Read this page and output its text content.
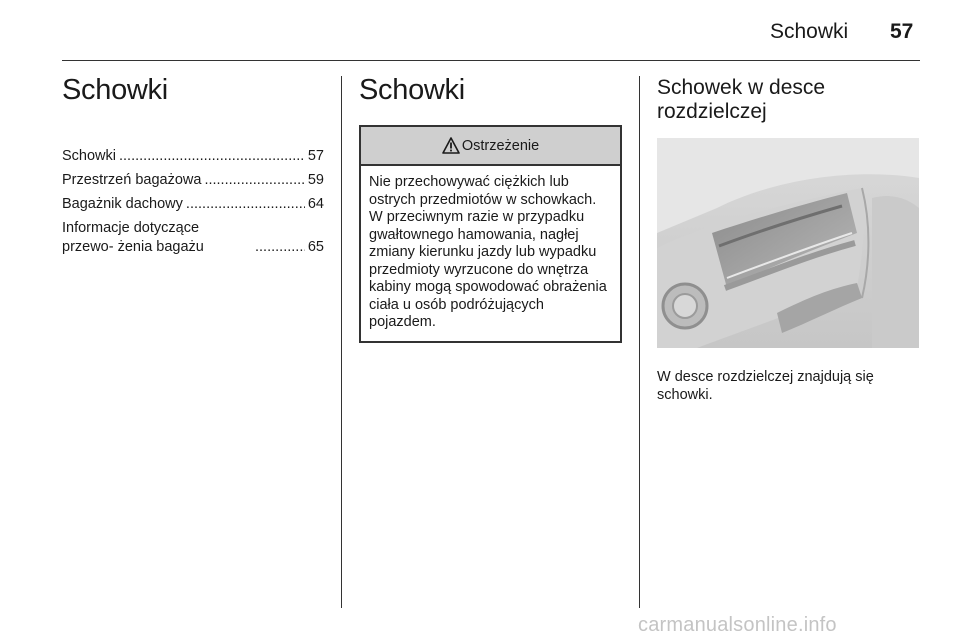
Schowki 57
Schowki
Schowki .....	57
Przestrzeń bagażowa .....	59
Bagażnik dachowy .....	64
Informacje dotyczące przewo‐ żenia bagażu .....	65
Schowki
Ostrzeżenie
Nie przechowywać ciężkich lub ostrych przedmiotów w schowkach. W przeciwnym razie w przypadku gwałtownego hamowania, nagłej zmiany kierunku jazdy lub wypadku przedmioty wyrzucone do wnętrza kabiny mogą spowodować obrażenia ciała u osób podróżujących pojazdem.
Schowek w desce rozdzielczej
W desce rozdzielczej znajdują się schowki.
carmanualsonline.info
